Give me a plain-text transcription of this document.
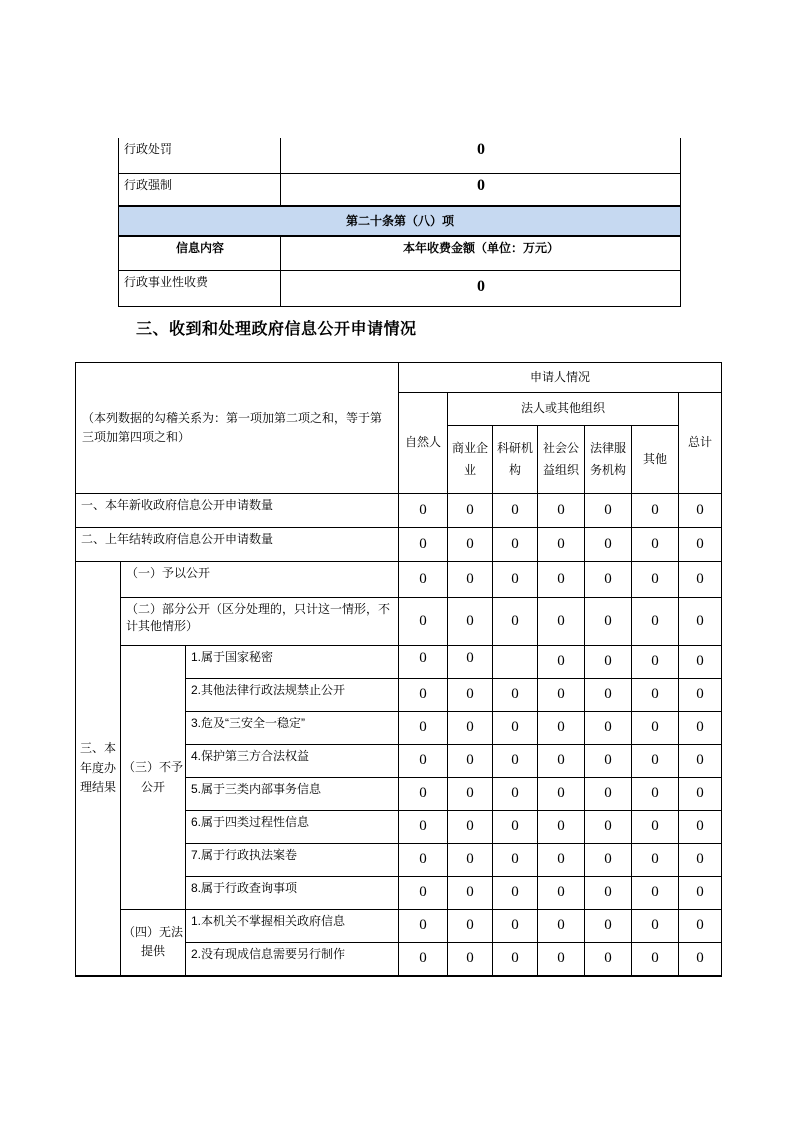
行政处罚	0
行政强制	0
第二十条第（八）项	
信息内容	本年收费金额（单位：万元）
行政事业性收费	0
三、收到和处理政府信息公开申请情况
（本列数据的勾稽关系为：第一项加第二项之和，等于第三项加第四项之和）			申请人情况						
			自然人	法人或其他组织					总计
				商业企业	科研机构	社会公益组织	法律服务机构	其他	
一、本年新收政府信息公开申请数量			0	0	0	0	0	0	0
二、上年结转政府信息公开申请数量			0	0	0	0	0	0	0
三、本年度办理结果	（一）予以公开		0	0	0	0	0	0	0
	（二）部分公开（区分处理的，只计这一情形，不计其他情形）		0	0	0	0	0	0	0
	（三）不予公开	1.属于国家秘密	0	0		0	0	0	0
		2.其他法律行政法规禁止公开	0	0	0	0	0	0	0
		3.危及“三安全一稳定”	0	0	0	0	0	0	0
		4.保护第三方合法权益	0	0	0	0	0	0	0
		5.属于三类内部事务信息	0	0	0	0	0	0	0
		6.属于四类过程性信息	0	0	0	0	0	0	0
		7.属于行政执法案卷	0	0	0	0	0	0	0
		8.属于行政查询事项	0	0	0	0	0	0	0
	（四）无法提供	1.本机关不掌握相关政府信息	0	0	0	0	0	0	0
		2.没有现成信息需要另行制作	0	0	0	0	0	0	0
